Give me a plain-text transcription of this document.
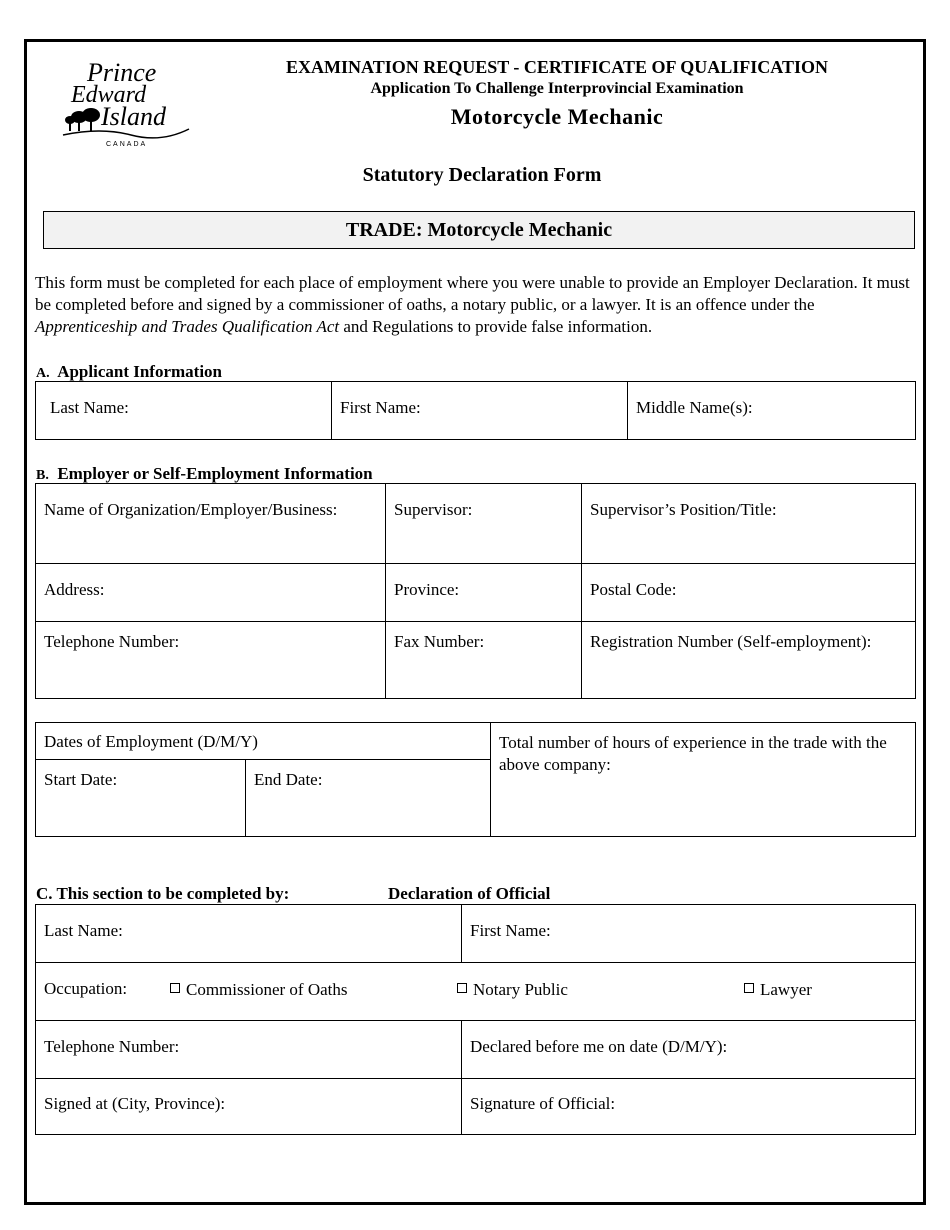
Prince
Edward
Island
CANADA
EXAMINATION REQUEST - CERTIFICATE OF QUALIFICATION
Application To Challenge Interprovincial Examination
Motorcycle Mechanic
Statutory Declaration Form
TRADE: Motorcycle Mechanic
This form must be completed for each place of employment where you were unable to provide an Employer Declaration. It must be completed before and signed by a commissioner of oaths, a notary public, or a lawyer. It is an offence under the Apprenticeship and Trades Qualification Act and Regulations to provide false information.
A. Applicant Information
Last Name:	First Name:	Middle Name(s):
B. Employer or Self-Employment Information
Name of Organization/Employer/Business:	Supervisor:	Supervisor’s Position/Title:
Address:	Province:	Postal Code:
Telephone Number:	Fax Number:	Registration Number (Self-employment):
Dates of Employment (D/M/Y)		Total number of hours of experience in the trade with the above company:
Start Date:	End Date:	
C. This section to be completed by:	Declaration of Official
Last Name:	First Name:
Occupation: Commissioner of Oaths Notary Public Lawyer	

Telephone Number:	Declared before me on date (D/M/Y):
Signed at (City, Province):	Signature of Official:
